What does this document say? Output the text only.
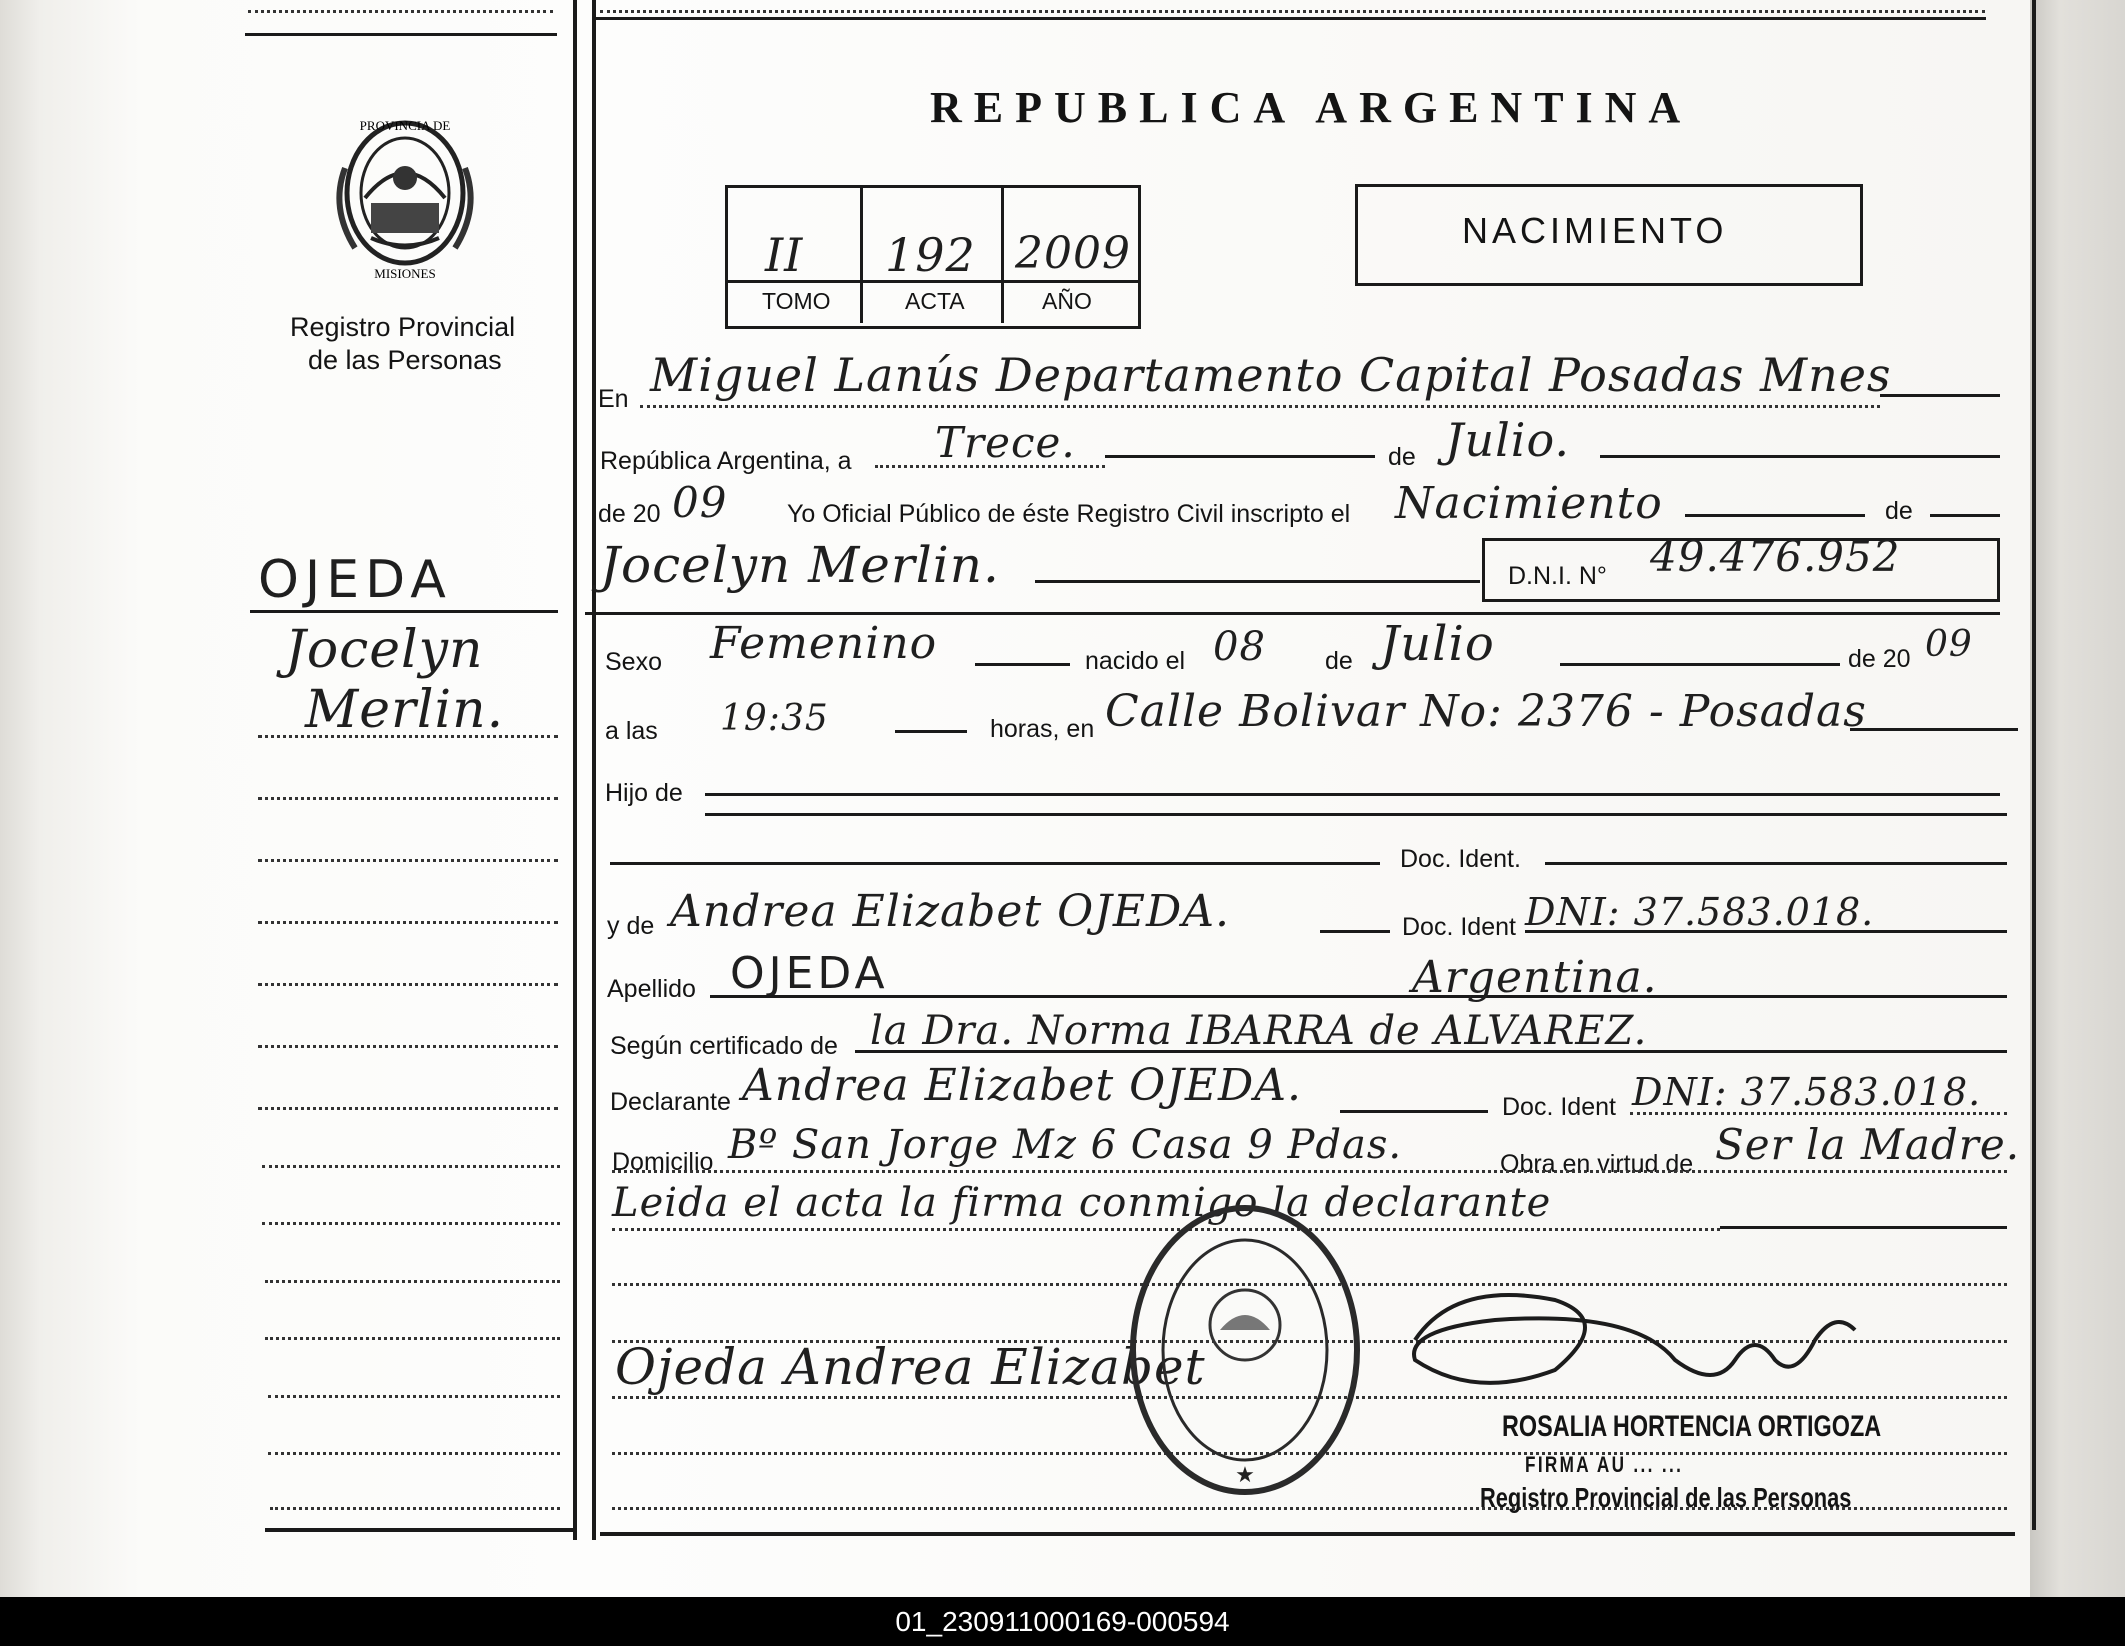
PROVINCIA DE
MISIONES
Registro Provincial
de las Personas
OJEDA
Jocelyn
Merlin.
REPUBLICA ARGENTINA
II 192 2009
TOMO	ACTA	AÑO
NACIMIENTO
En Miguel Lanús Departamento Capital Posadas Mnes
República Argentina, a Trece.	de Julio.
de 20 09 Yo Oficial Público de éste Registro Civil inscripto el Nacimiento	de
Jocelyn Merlin.	D.N.I. N° 49.476.952
Sexo Femenino	nacido el 08 de Julio	de 20 09
a las 19:35	horas, en Calle Bolivar No: 2376 - Posadas
Hijo de
Doc. Ident.
y de Andrea Elizabet OJEDA.	Doc. Ident DNI: 37.583.018.
Apellido OJEDA	Argentina.
Según certificado de la Dra. Norma IBARRA de ALVAREZ.
Declarante Andrea Elizabet OJEDA.	Doc. Ident DNI: 37.583.018.
Domicilio Bº San Jorge Mz 6 Casa 9 Pdas.	Obra en virtud de Ser la Madre.
Leida el acta la firma conmigo la declarante
Ojeda Andrea Elizabet
★
ROSALIA HORTENCIA ORTIGOZA
FIRMA AU ... ...
Registro Provincial de las Personas
01_230911000169-000594
